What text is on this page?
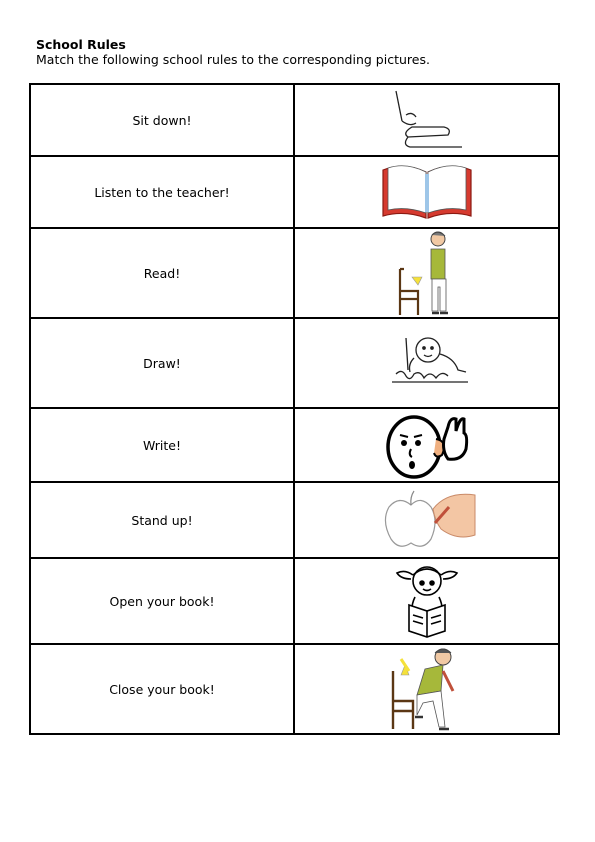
School Rules
Match the following school rules to the corresponding pictures.
Sit down!	

Listen to the teacher!	

Read!	

Draw!	

Write!	

Stand up!	

Open your book!	

Close your book!	
